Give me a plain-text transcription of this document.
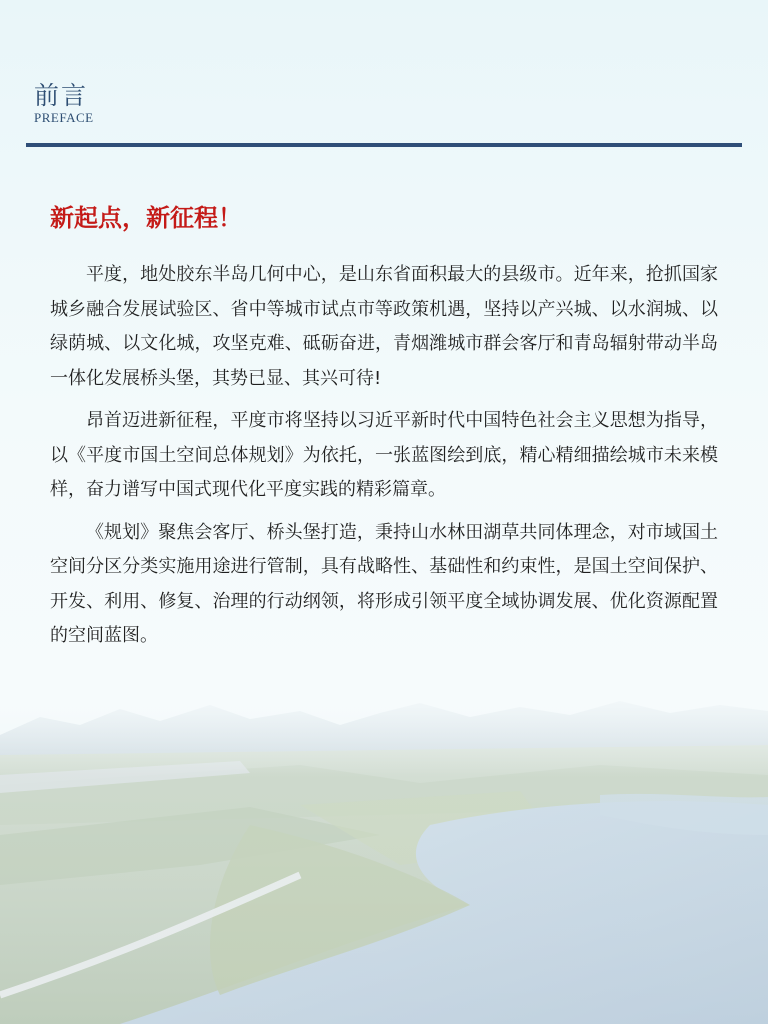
前言
PREFACE
新起点，新征程！

平度，地处胶东半岛几何中心，是山东省面积最大的县级市。近年来，抢抓国家城乡融合发展试验区、省中等城市试点市等政策机遇，坚持以产兴城、以水润城、以绿荫城、以文化城，攻坚克难、砥砺奋进，青烟潍城市群会客厅和青岛辐射带动半岛一体化发展桥头堡，其势已显、其兴可待!

昂首迈进新征程，平度市将坚持以习近平新时代中国特色社会主义思想为指导，以《平度市国土空间总体规划》为依托，一张蓝图绘到底，精心精细描绘城市未来模样，奋力谱写中国式现代化平度实践的精彩篇章。

《规划》聚焦会客厅、桥头堡打造，秉持山水林田湖草共同体理念，对市域国土空间分区分类实施用途进行管制，具有战略性、基础性和约束性，是国土空间保护、开发、利用、修复、治理的行动纲领，将形成引领平度全域协调发展、优化资源配置的空间蓝图。
